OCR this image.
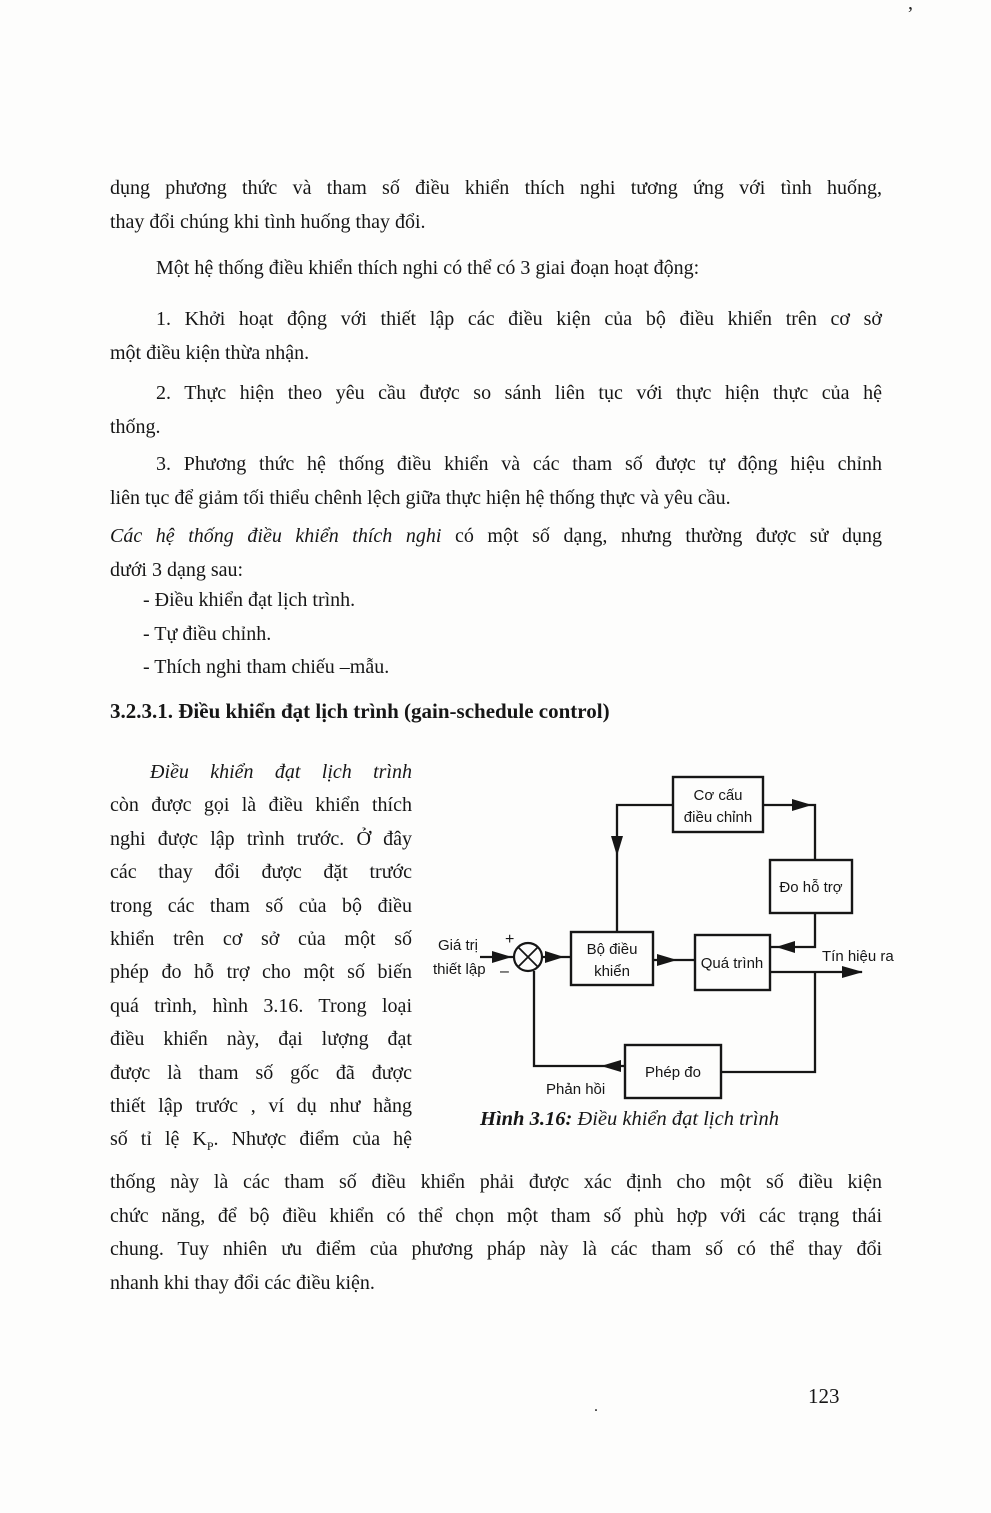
,
dụng phương thức và tham số điều khiển thích nghi tương ứng với tình huống,
thay đổi chúng khi tình huống thay đổi.
Một hệ thống điều khiển thích nghi có thể có 3 giai đoạn hoạt động:
1. Khởi hoạt động với thiết lập các điều kiện của bộ điều khiển trên cơ sở
một điều kiện thừa nhận.
2. Thực hiện theo yêu cầu được so sánh liên tục với thực hiện thực của hệ
thống.
3. Phương thức hệ thống điều khiển và các tham số được tự động hiệu chỉnh
liên tục để giảm tối thiểu chênh lệch giữa thực hiện hệ thống thực và yêu cầu.
Các hệ thống điều khiển thích nghi có một số dạng, nhưng thường được sử dụng
dưới 3 dạng sau:
- Điều khiển đạt lịch trình.
- Tự điều chỉnh.
- Thích nghi tham chiếu –mẫu.
3.2.3.1. Điều khiển đạt lịch trình (gain-schedule control)
Điều khiển đạt lịch trình
còn được gọi là điều khiển thích
nghi được lập trình trước. Ở đây
các thay đổi được đặt trước
trong các tham số của bộ điều
khiển trên cơ sở của một số
phép đo hỗ trợ cho một số biến
quá trình, hình 3.16. Trong loại
điều khiển này, đại lượng đạt
được là tham số gốc đã được
thiết lập trước , ví dụ như hằng
số tỉ lệ $K_P$. Nhược điểm của hệ
Cơ cấu
điều chỉnh
Đo hỗ trợ
Bộ điều
khiển	Quá trình
Phép đo
+
–
Giá trị
thiết lập
Tín hiệu ra
Phản hồi
Hình 3.16: Điều khiển đạt lịch trình
thống này là các tham số điều khiển phải được xác định cho một số điều kiện
chức năng, để bộ điều khiển có thể chọn một tham số phù hợp với các trạng thái
chung. Tuy nhiên ưu điểm của phương pháp này là các tham số có thể thay đổi
nhanh khi thay đổi các điều kiện.
.	123
